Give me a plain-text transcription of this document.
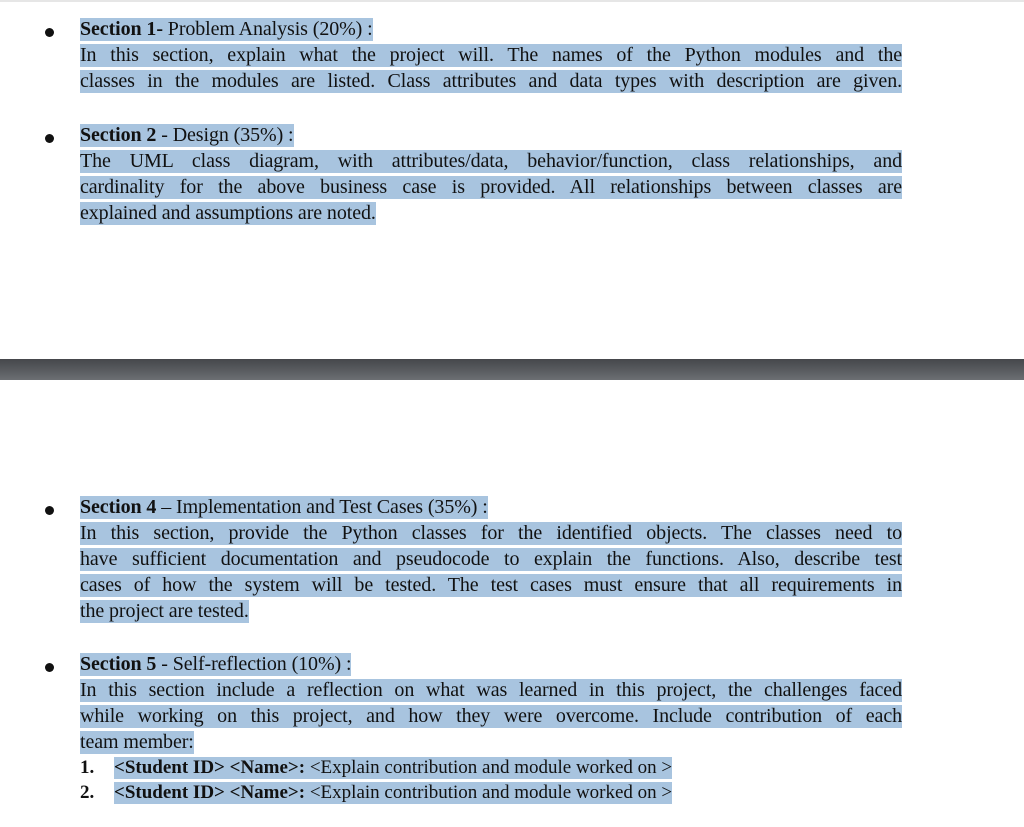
Section 1- Problem Analysis (20%) :
In this section, explain what the project will. The names of the Python modules and the
classes in the modules are listed. Class attributes and data types with description are given.
Section 2 - Design (35%) :
The UML class diagram, with attributes/data, behavior/function, class relationships, and
cardinality for the above business case is provided. All relationships between classes are
explained and assumptions are noted.
Section 4 – Implementation and Test Cases (35%) :
In this section, provide the Python classes for the identified objects. The classes need to
have sufficient documentation and pseudocode to explain the functions. Also, describe test
cases of how the system will be tested. The test cases must ensure that all requirements in
the project are tested.
Section 5 - Self-reflection (10%) :
In this section include a reflection on what was learned in this project, the challenges faced
while working on this project, and how they were overcome. Include contribution of each
team member:
1. <Student ID> <Name>: <Explain contribution and module worked on >
2. <Student ID> <Name>: <Explain contribution and module worked on >
